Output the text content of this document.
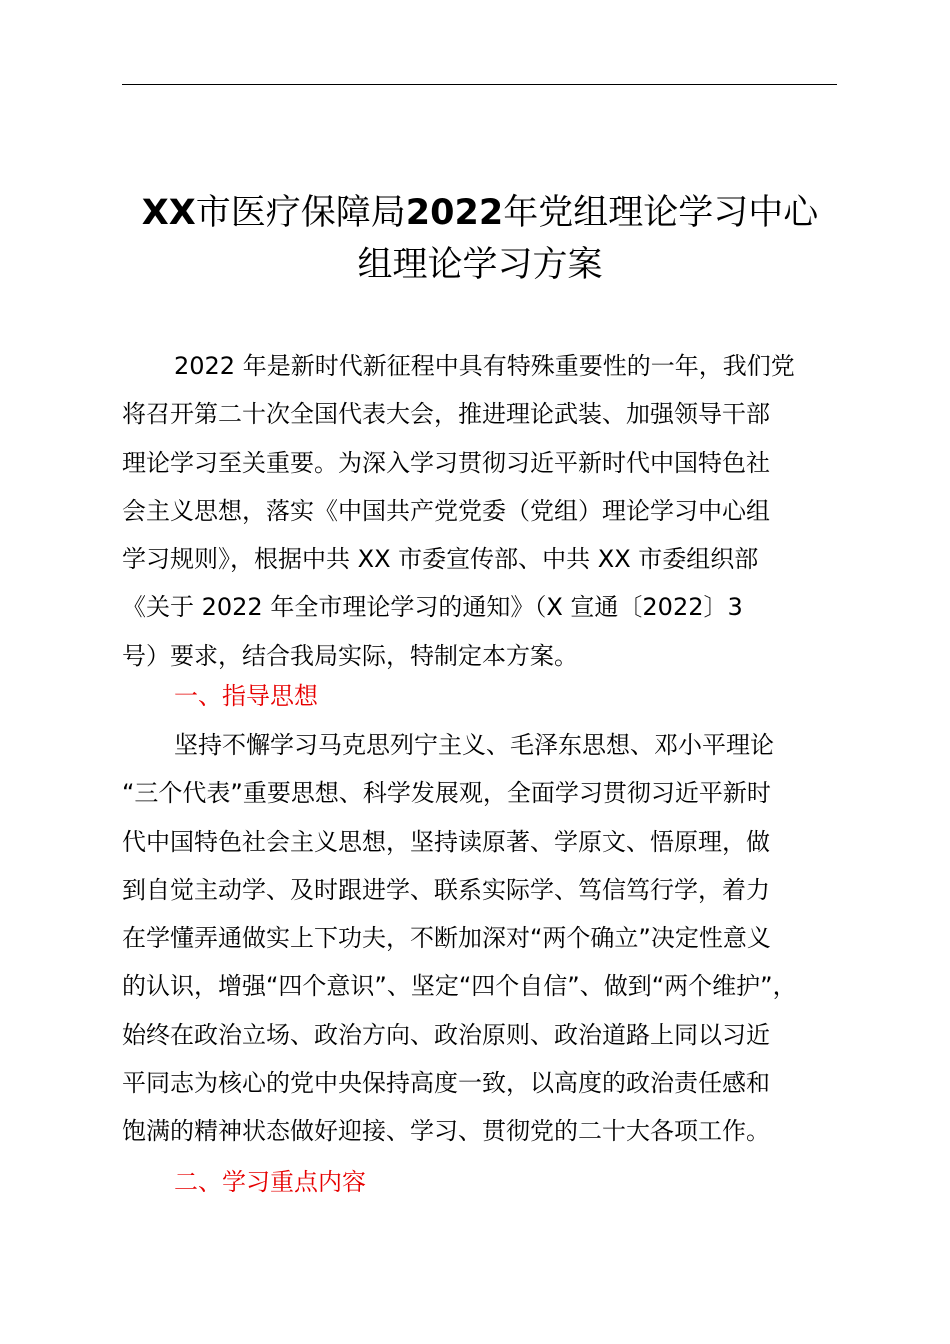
XX市医疗保障局2022年党组理论学习中心
组理论学习方案
2022 年是新时代新征程中具有特殊重要性的一年，我们党
将召开第二十次全国代表大会，推进理论武装、加强领导干部
理论学习至关重要。为深入学习贯彻习近平新时代中国特色社
会主义思想，落实《中国共产党党委（党组）理论学习中心组
学习规则》，根据中共 XX 市委宣传部、中共 XX 市委组织部
《关于 2022 年全市理论学习的通知》（X 宣通〔2022〕3
号）要求，结合我局实际，特制定本方案。
一、指导思想
坚持不懈学习马克思列宁主义、毛泽东思想、邓小平理论
“三个代表”重要思想、科学发展观，全面学习贯彻习近平新时
代中国特色社会主义思想，坚持读原著、学原文、悟原理，做
到自觉主动学、及时跟进学、联系实际学、笃信笃行学，着力
在学懂弄通做实上下功夫，不断加深对“两个确立”决定性意义
的认识，增强“四个意识”、坚定“四个自信”、做到“两个维护”，
始终在政治立场、政治方向、政治原则、政治道路上同以习近
平同志为核心的党中央保持高度一致，以高度的政治责任感和
饱满的精神状态做好迎接、学习、贯彻党的二十大各项工作。
二、学习重点内容
